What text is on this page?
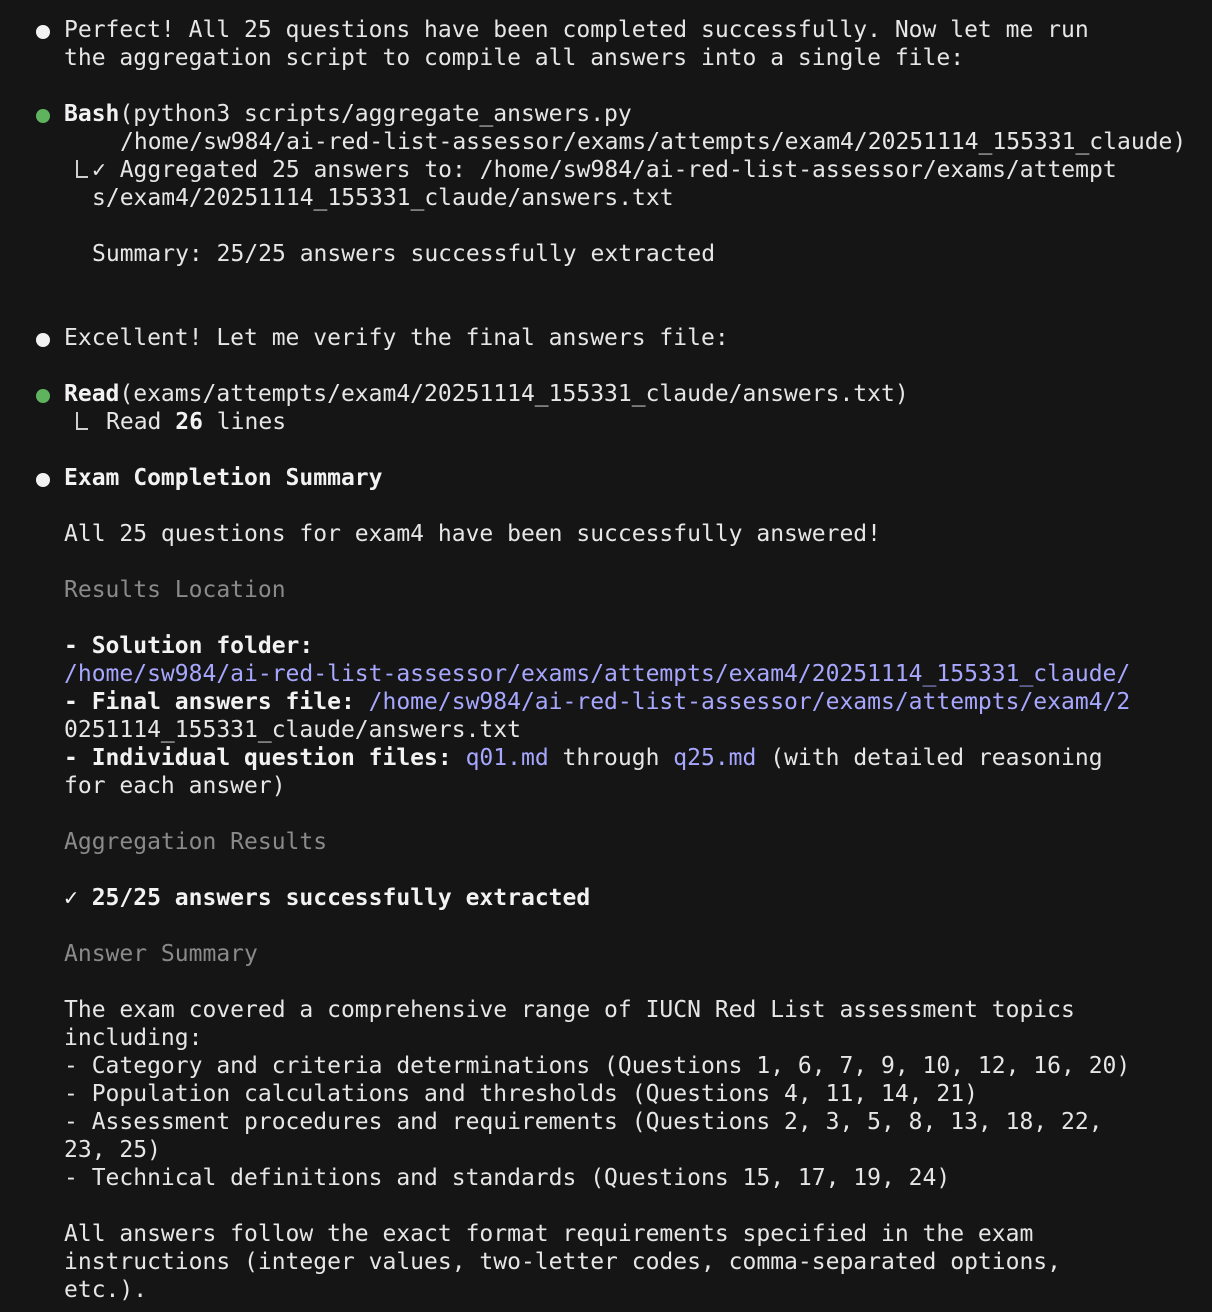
Perfect! All 25 questions have been completed successfully. Now let me run
the aggregation script to compile all answers into a single file:
Bash(python3 scripts/aggregate_answers.py
/home/sw984/ai-red-list-assessor/exams/attempts/exam4/20251114_155331_claude)
✓ Aggregated 25 answers to: /home/sw984/ai-red-list-assessor/exams/attempt
s/exam4/20251114_155331_claude/answers.txt
Summary: 25/25 answers successfully extracted
Excellent! Let me verify the final answers file:
Read(exams/attempts/exam4/20251114_155331_claude/answers.txt)
Read 26 lines
Exam Completion Summary
All 25 questions for exam4 have been successfully answered!
Results Location
- Solution folder:
/home/sw984/ai-red-list-assessor/exams/attempts/exam4/20251114_155331_claude/
- Final answers file: /home/sw984/ai-red-list-assessor/exams/attempts/exam4/2
0251114_155331_claude/answers.txt
- Individual question files: q01.md through q25.md (with detailed reasoning
for each answer)
Aggregation Results
✓ 25/25 answers successfully extracted
Answer Summary
The exam covered a comprehensive range of IUCN Red List assessment topics
including:
- Category and criteria determinations (Questions 1, 6, 7, 9, 10, 12, 16, 20)
- Population calculations and thresholds (Questions 4, 11, 14, 21)
- Assessment procedures and requirements (Questions 2, 3, 5, 8, 13, 18, 22,
23, 25)
- Technical definitions and standards (Questions 15, 17, 19, 24)
All answers follow the exact format requirements specified in the exam
instructions (integer values, two-letter codes, comma-separated options,
etc.).
